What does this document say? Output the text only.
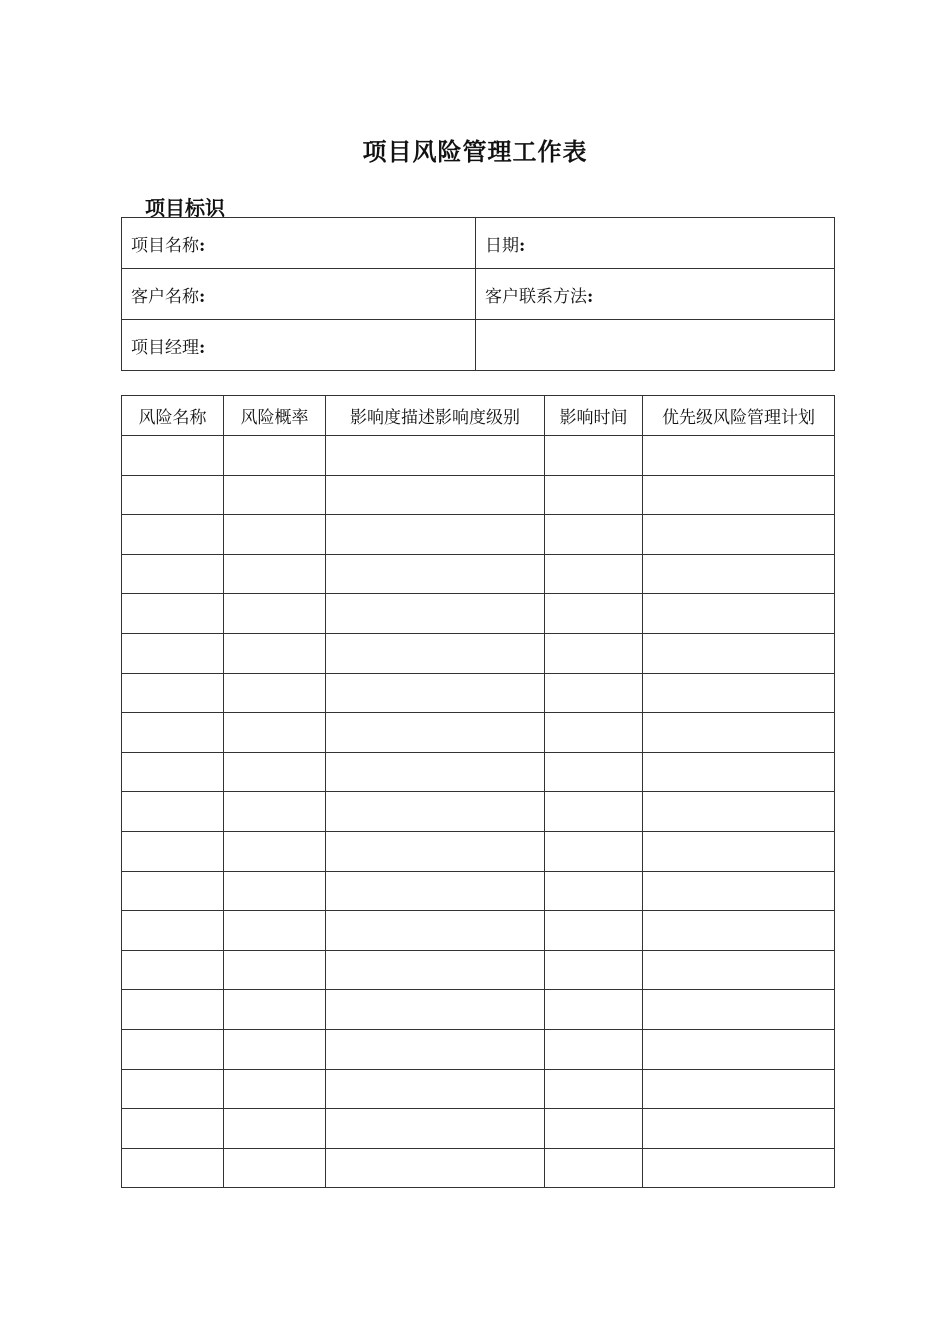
项目风险管理工作表
项目标识
项目名称:	日期:
客户名称:	客户联系方法:
项目经理:	
风险名称	风险概率	影响度描述影响度级别	影响时间	优先级风险管理计划
